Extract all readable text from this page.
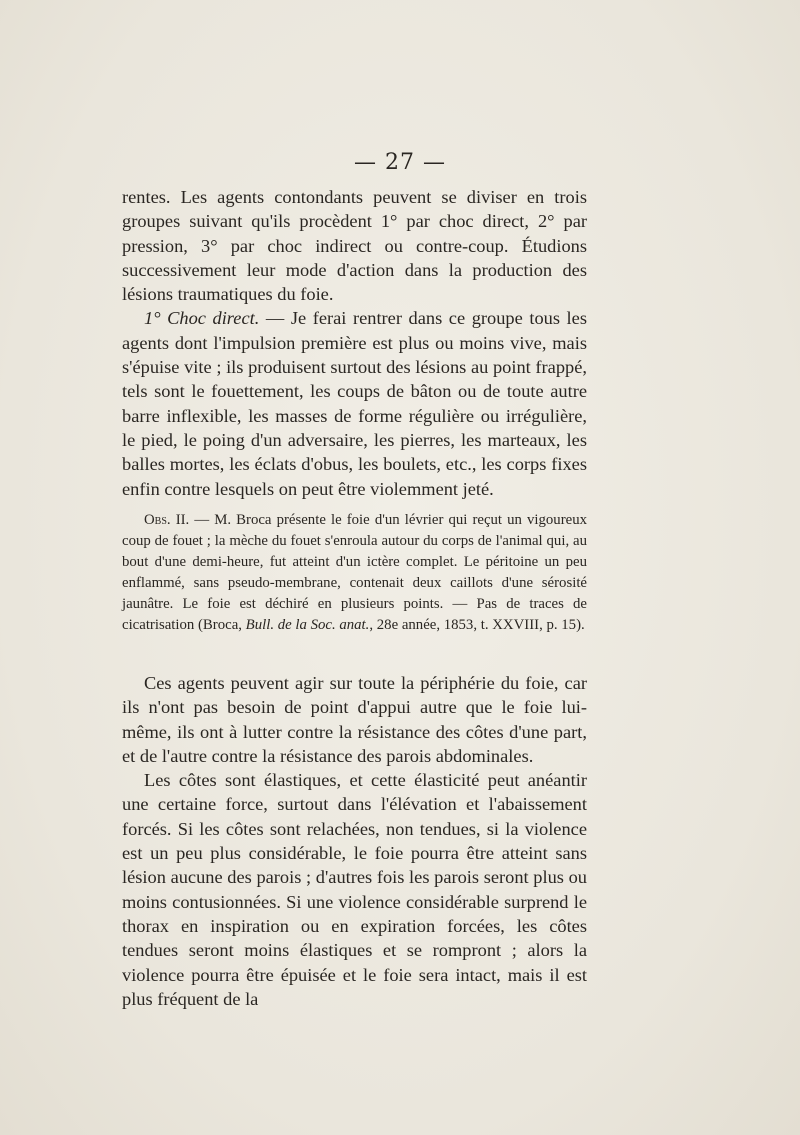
— 27 —

rentes. Les agents contondants peuvent se diviser en trois groupes suivant qu'ils procèdent 1° par choc direct, 2° par pression, 3° par choc indirect ou contre-coup. Étudions successivement leur mode d'action dans la production des lésions traumatiques du foie.

1° Choc direct. — Je ferai rentrer dans ce groupe tous les agents dont l'impulsion première est plus ou moins vive, mais s'épuise vite ; ils produisent surtout des lésions au point frappé, tels sont le fouettement, les coups de bâton ou de toute autre barre inflexible, les masses de forme régulière ou irrégulière, le pied, le poing d'un adversaire, les pierres, les marteaux, les balles mortes, les éclats d'obus, les boulets, etc., les corps fixes enfin contre lesquels on peut être violemment jeté.

Obs. II. — M. Broca présente le foie d'un lévrier qui reçut un vigoureux coup de fouet ; la mèche du fouet s'enroula autour du corps de l'animal qui, au bout d'une demi-heure, fut atteint d'un ictère complet. Le péritoine un peu enflammé, sans pseudo-membrane, contenait deux caillots d'une sérosité jaunâtre. Le foie est déchiré en plusieurs points. — Pas de traces de cicatrisation (Broca, Bull. de la Soc. anat., 28e année, 1853, t. XXVIII, p. 15).

Ces agents peuvent agir sur toute la périphérie du foie, car ils n'ont pas besoin de point d'appui autre que le foie lui-même, ils ont à lutter contre la résistance des côtes d'une part, et de l'autre contre la résistance des parois abdominales.

Les côtes sont élastiques, et cette élasticité peut anéantir une certaine force, surtout dans l'élévation et l'abaissement forcés. Si les côtes sont relachées, non tendues, si la violence est un peu plus considérable, le foie pourra être atteint sans lésion aucune des parois ; d'autres fois les parois seront plus ou moins contusionnées. Si une violence considérable surprend le thorax en inspiration ou en expiration forcées, les côtes tendues seront moins élastiques et se rompront ; alors la violence pourra être épuisée et le foie sera intact, mais il est plus fréquent de la
